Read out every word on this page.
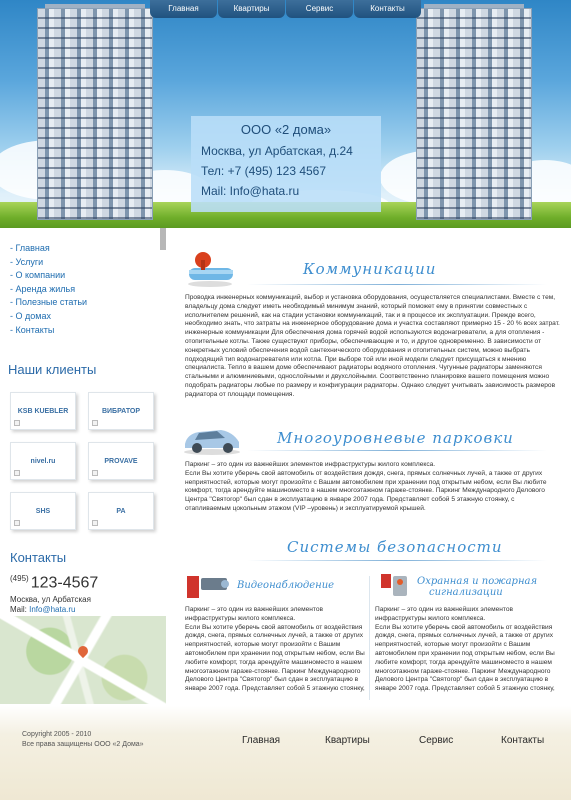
Главная	Квартиры	Сервис	Контакты
ООО «2 дома»
Москва, ул Арбатская, д.24
Тел: +7 (495) 123 4567
Mail: Info@hata.ru
- Главная
- Услуги
- О компании
- Аренда жилья
- Полезные статьи
- О домах
- Контакты
Наши клиенты
KSB KUEBLER	ВИБРАТОР
nivel.ru	PROVAVE
SHS	PA
Контакты
$^{(495)}$ 123-4567
Москва, ул Арбатская
Mail: Info@hata.ru
Коммуникации

Проводка инженерных коммуникаций, выбор и установка оборудования, осуществляется специалистами. Вместе с тем, владельцу дома следует иметь необходимый минимум знаний, который поможет ему в принятии совместных с исполнителем решений, как на стадии установки коммуникаций, так и в процессе их эксплуатации. Прежде всего, необходимо знать, что затраты на инженерное оборудование дома и участка составляют примерно 15 - 20 % всех затрат.
инженерные коммуникации Для обеспечения дома горячей водой используются водонагреватели, а для отопления - отопительные котлы. Также существуют приборы, обеспечивающие и то, и другое одновременно. В зависимости от конкретных условий обеспечения водой сантехнического оборудования и отопительных систем, можно выбрать подходящий тип водонагревателя или котла. При выборе той или иной модели следует присущаться к мнению специалиста. Тепло в вашем доме обеспечивают радиаторы водяного отопления. Чугунные радиаторы заменяются стальными и алюминиевыми, однослойными и двухслойными. Соответственно планировке вашего помещения можно подобрать радиаторы любые по размеру и конфигурации радиаторы. Однако следует учитывать зависимость размеров радиатора от площади помещения.

Многоуровневые парковки

Паркинг – это один из важнейших элементов инфраструктуры жилого комплекса.
Если Вы хотите уберечь свой автомобиль от воздействия дождя, снега, прямых солнечных лучей, а также от других неприятностей, которые могут произойти с Вашим автомобилем при хранении под открытым небом, если Вы любите комфорт, тогда арендуйте машиноместо в нашем многоэтажном гараже-стоянке. Паркинг Международного Делового Центра "Святогор" был сдан в эксплуатацию в январе 2007 года. Представляет собой 5 этажную стоянку, с отапливаемым цокольным этажом (VIP –уровень) и эксплуатируемой крышей.

Системы безопасности
Видеонаблюдение

Паркинг – это один из важнейших элементов инфраструктуры жилого комплекса.
Если Вы хотите уберечь свой автомобиль от воздействия дождя, снега, прямых солнечных лучей, а также от других неприятностей, которые могут произойти с Вашим автомобилем при хранении под открытым небом, если Вы любите комфорт, тогда арендуйте машиноместо в нашем многоэтажном гараже-стоянке. Паркинг Международного Делового Центра "Святогор" был сдан в эксплуатацию в январе 2007 года. Представляет собой 5 этажную стоянку,

Охранная и пожарная
сигнализации

Паркинг – это один из важнейших элементов инфраструктуры жилого комплекса.
Если Вы хотите уберечь свой автомобиль от воздействия дождя, снега, прямых солнечных лучей, а также от других неприятностей, которые могут произойти с Вашим автомобилем при хранении под открытым небом, если Вы любите комфорт, тогда арендуйте машиноместо в нашем многоэтажном гараже-стоянке. Паркинг Международного Делового Центра "Святогор" был сдан в эксплуатацию в январе 2007 года. Представляет собой 5 этажную стоянку,

Copyright 2005 - 2010
Все права защищены ООО «2 Дома»	Главная	Квартиры	Сервис	Контакты
